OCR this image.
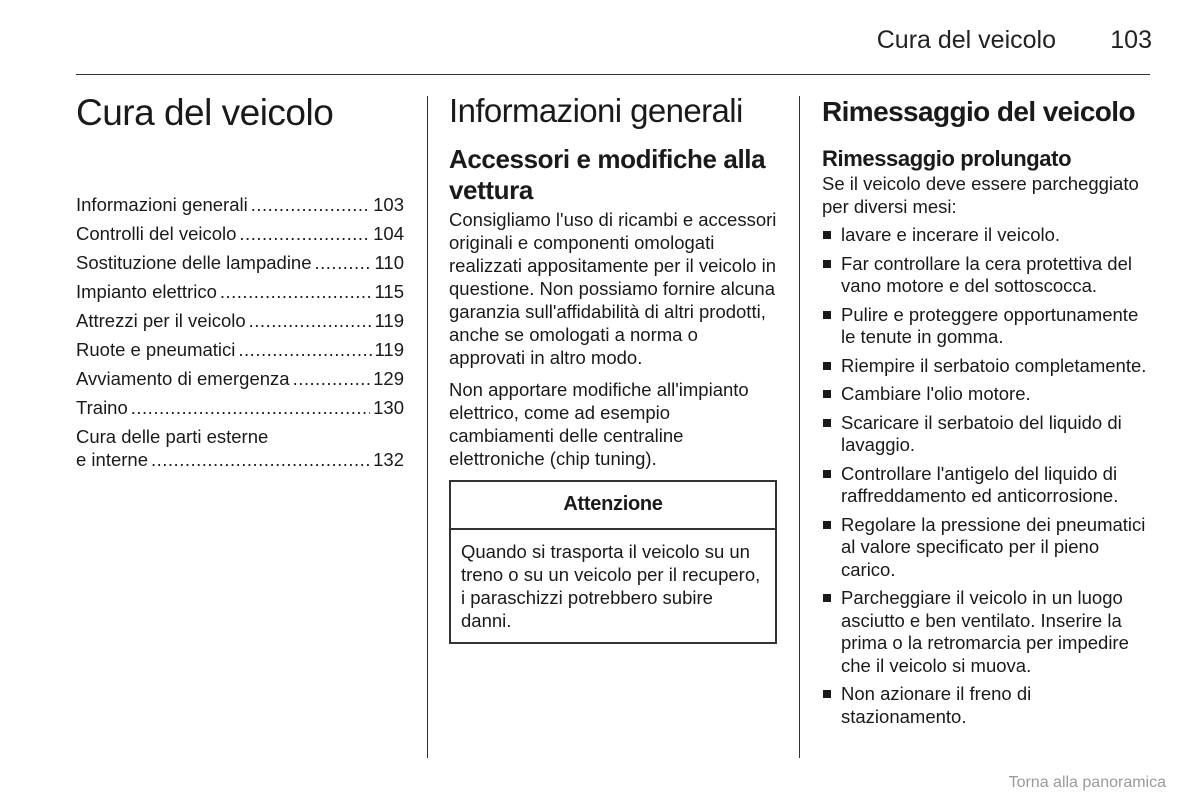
Cura del veicolo 103
Cura del veicolo
Informazioni generali .....	103
Controlli del veicolo .....	104
Sostituzione delle lampadine .....	110
Impianto elettrico .....	115
Attrezzi per il veicolo .....	119
Ruote e pneumatici .....	119
Avviamento di emergenza .....	129
Traino .....	130
Cura delle parti esterne
e interne .....	132
Informazioni generali
Accessori e modifiche alla vettura

Consigliamo l'uso di ricambi e accessori originali e componenti omologati realizzati appositamente per il veicolo in questione. Non possiamo fornire alcuna garanzia sull'affidabilità di altri prodotti, anche se omologati a norma o approvati in altro modo.

Non apportare modifiche all'impianto elettrico, come ad esempio cambiamenti delle centraline elettroniche (chip tuning).

Attenzione
Quando si trasporta il veicolo su un treno o su un veicolo per il recupero, i paraschizzi potrebbero subire danni.
Rimessaggio del veicolo
Rimessaggio prolungato

Se il veicolo deve essere parcheggiato per diversi mesi:

lavare e incerare il veicolo.
Far controllare la cera protettiva del vano motore e del sottoscocca.
Pulire e proteggere opportunamente le tenute in gomma.
Riempire il serbatoio completamente.
Cambiare l'olio motore.
Scaricare il serbatoio del liquido di lavaggio.
Controllare l'antigelo del liquido di raffreddamento ed anticorrosione.
Regolare la pressione dei pneumatici al valore specificato per il pieno carico.
Parcheggiare il veicolo in un luogo asciutto e ben ventilato. Inserire la prima o la retromarcia per impedire che il veicolo si muova.
Non azionare il freno di stazionamento.
Torna alla panoramica
